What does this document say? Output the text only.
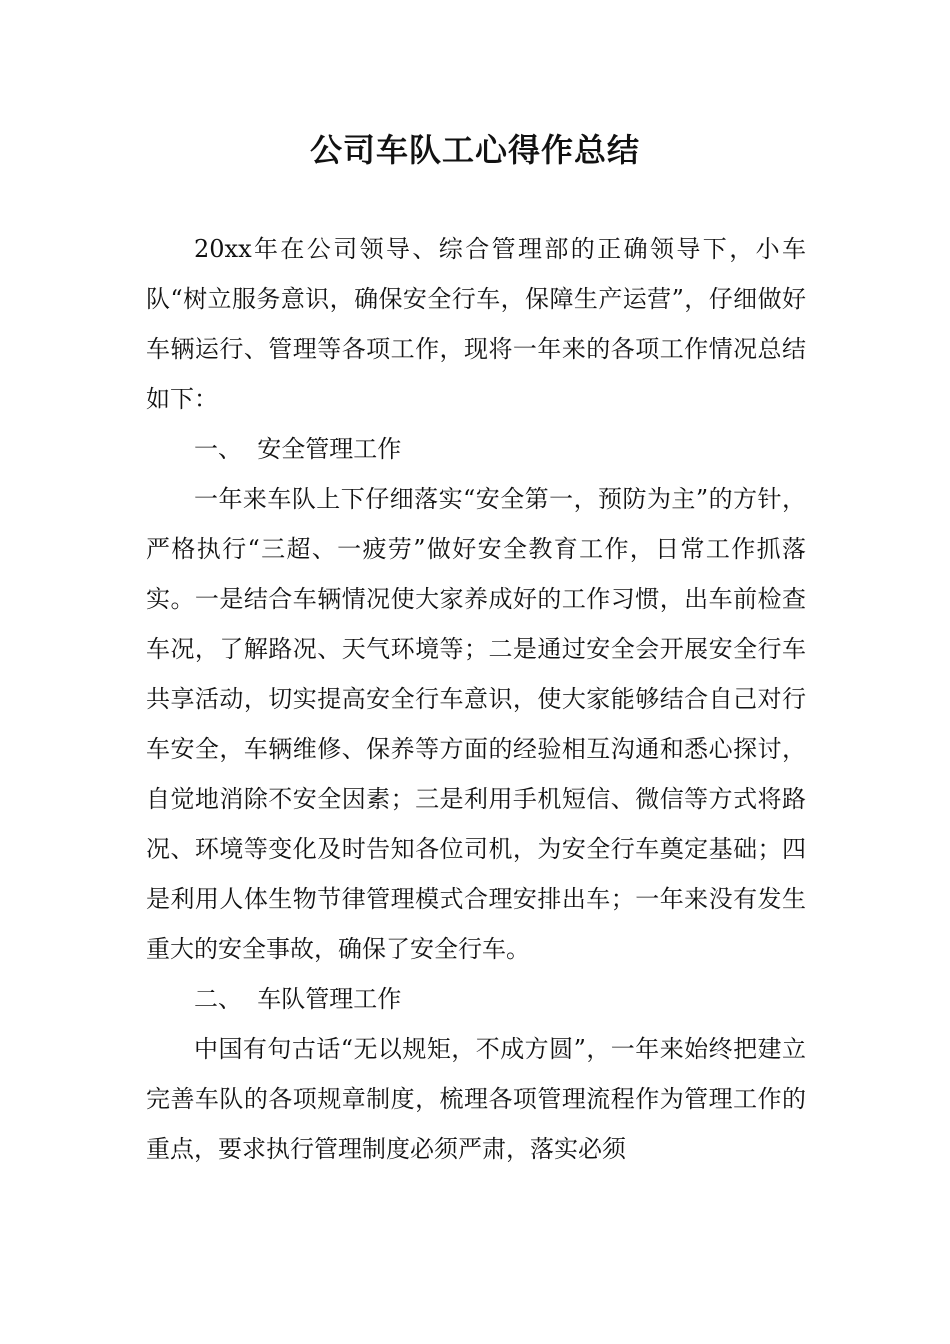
公司车队工心得作总结

20xx年在公司领导、综合管理部的正确领导下，小车队“树立服务意识，确保安全行车，保障生产运营”，仔细做好车辆运行、管理等各项工作，现将一年来的各项工作情况总结如下：

一、  安全管理工作

一年来车队上下仔细落实“安全第一，预防为主”的方针，严格执行“三超、一疲劳”做好安全教育工作，日常工作抓落实。一是结合车辆情况使大家养成好的工作习惯，出车前检查车况，了解路况、天气环境等；二是通过安全会开展安全行车共享活动，切实提高安全行车意识，使大家能够结合自己对行车安全，车辆维修、保养等方面的经验相互沟通和悉心探讨，自觉地消除不安全因素；三是利用手机短信、微信等方式将路况、环境等变化及时告知各位司机，为安全行车奠定基础；四是利用人体生物节律管理模式合理安排出车；一年来没有发生重大的安全事故，确保了安全行车。

二、  车队管理工作

中国有句古话“无以规矩，不成方圆”，一年来始终把建立完善车队的各项规章制度，梳理各项管理流程作为管理工作的重点，要求执行管理制度必须严肃，落实必须
